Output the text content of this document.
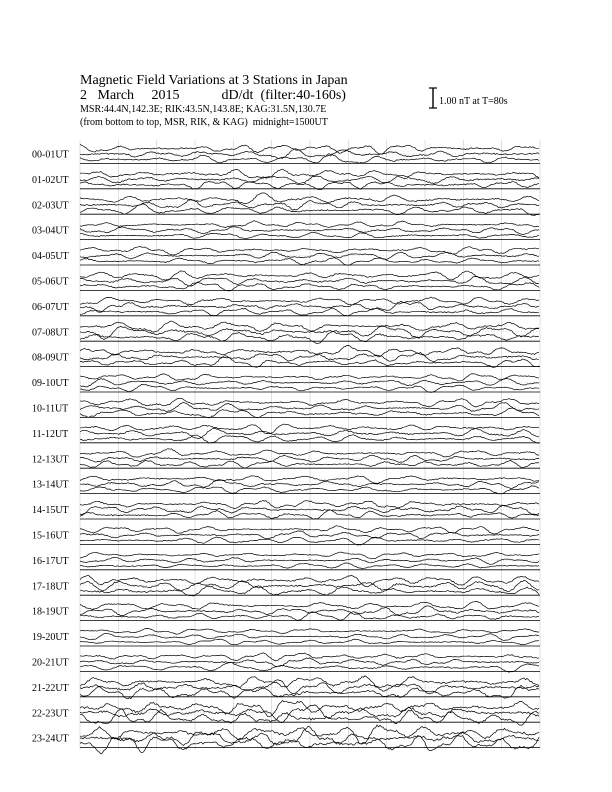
Magnetic Field Variations at 3 Stations in Japan
2 March 2015	dD/dt (filter:40-160s)
MSR:44.4N,142.3E; RIK:43.5N,143.8E; KAG:31.5N,130.7E
(from bottom to top, MSR, RIK, & KAG) midnight=1500UT
1.00 nT at T=80s
00-01UT
01-02UT
02-03UT
03-04UT
04-05UT
05-06UT
06-07UT
07-08UT
08-09UT
09-10UT
10-11UT
11-12UT
12-13UT
13-14UT
14-15UT
15-16UT
16-17UT
17-18UT
18-19UT
19-20UT
20-21UT
21-22UT
22-23UT
23-24UT
